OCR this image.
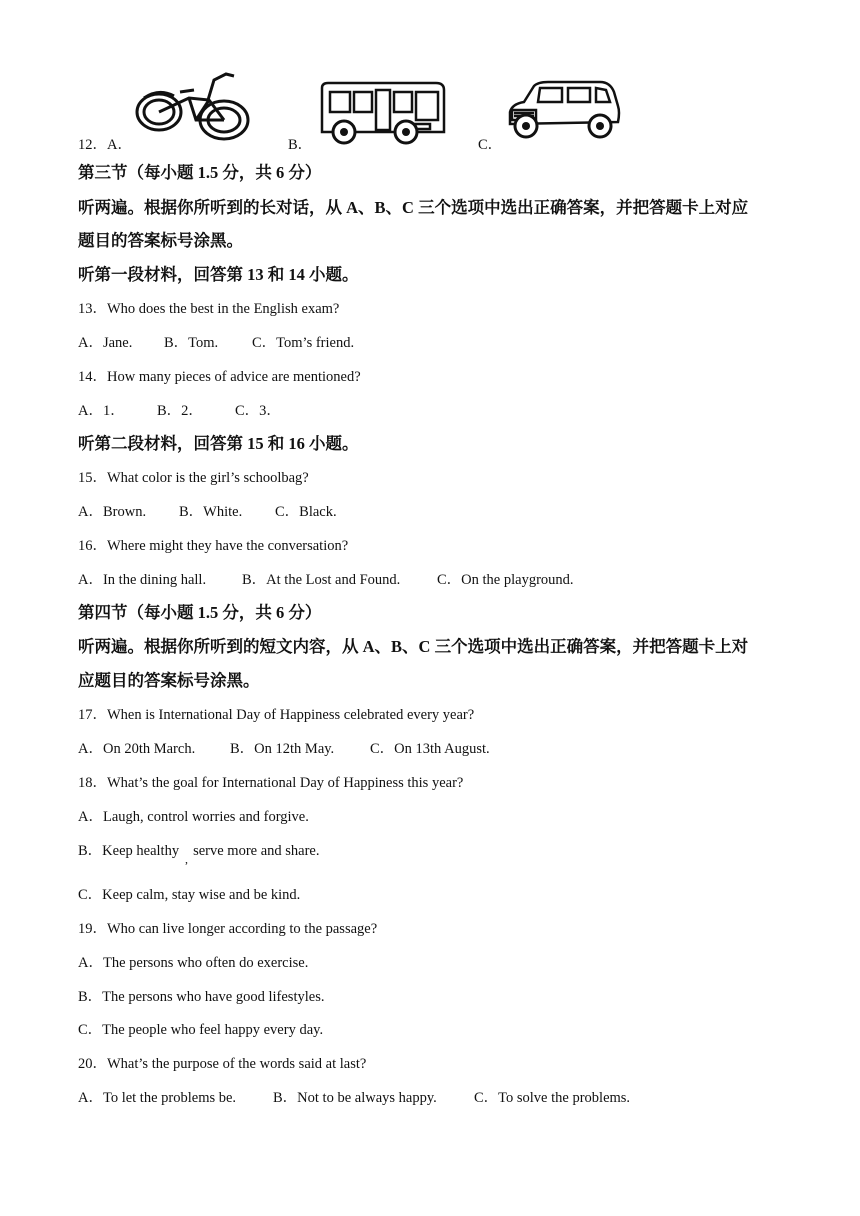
12．A．	B．	C．
第三节（每小题 1.5 分，共 6 分）
听两遍。根据你所听到的长对话，从 A、B、C 三个选项中选出正确答案，并把答题卡上对应
题目的答案标号涂黑。
听第一段材料，回答第 13 和 14 小题。
13．Who does the best in the English exam?
A．Jane. B．Tom. C．Tom’s friend.
14．How many pieces of advice are mentioned?
A．1． B．2． C．3．
听第二段材料，回答第 15 和 16 小题。
15．What color is the girl’s schoolbag?
A．Brown. B．White. C．Black.
16．Where might they have the conversation?
A．In the dining hall. B．At the Lost and Found.	C．On the playground.
第四节（每小题 1.5 分，共 6 分）
听两遍。根据你所听到的短文内容，从 A、B、C 三个选项中选出正确答案，并把答题卡上对
应题目的答案标号涂黑。
17．When is International Day of Happiness celebrated every year?
A．On 20th March. B．On 12th May. C．On 13th August.
18．What’s the goal for International Day of Happiness this year?
A．Laugh, control worries and forgive.
B．Keep healthy serve more and share.
,
C．Keep calm, stay wise and be kind.
19．Who can live longer according to the passage?
A．The persons who often do exercise.
B．The persons who have good lifestyles.
C．The people who feel happy every day.
20．What’s the purpose of the words said at last?
A．To let the problems be.	B．Not to be always happy.	C．To solve the problems.
